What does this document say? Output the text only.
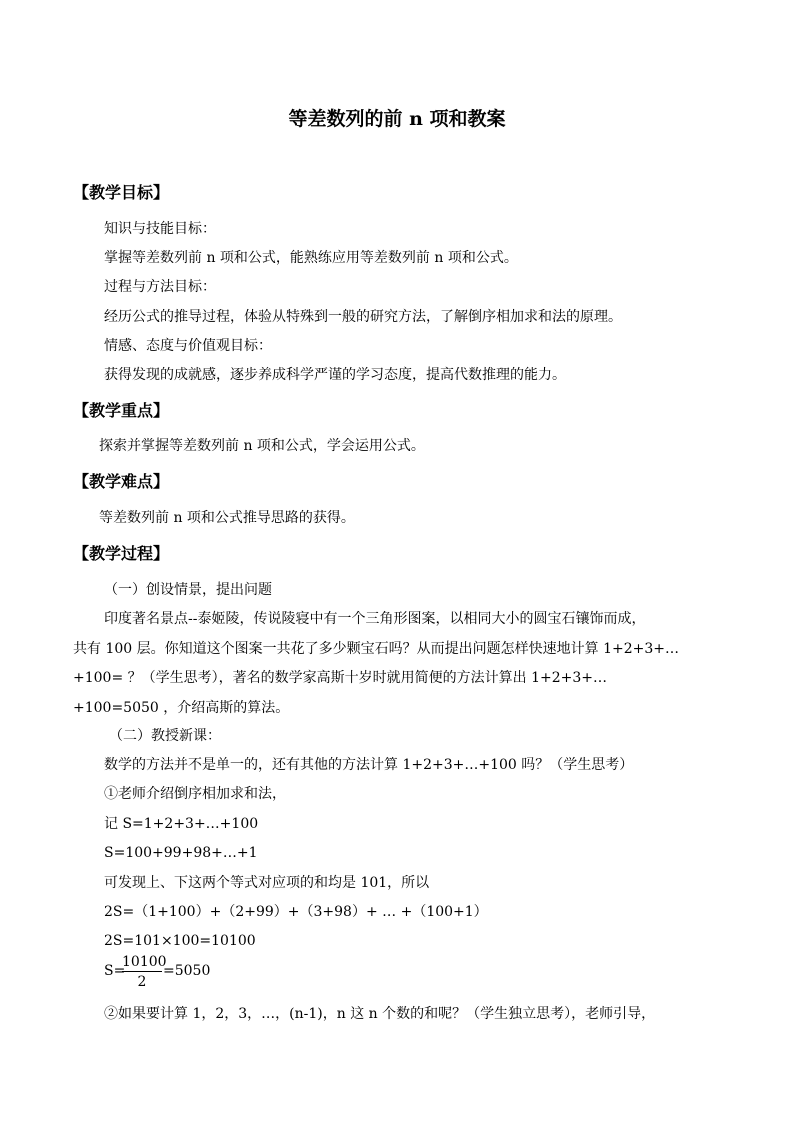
等差数列的前 n 项和教案
【教学目标】
知识与技能目标：
掌握等差数列前 n 项和公式，能熟练应用等差数列前 n 项和公式。
过程与方法目标：
经历公式的推导过程，体验从特殊到一般的研究方法，了解倒序相加求和法的原理。
情感、态度与价值观目标：
获得发现的成就感，逐步养成科学严谨的学习态度，提高代数推理的能力。
【教学重点】
探索并掌握等差数列前 n 项和公式，学会运用公式。
【教学难点】
等差数列前 n 项和公式推导思路的获得。
【教学过程】
（一）创设情景，提出问题
印度著名景点--泰姬陵，传说陵寝中有一个三角形图案，以相同大小的圆宝石镶饰而成，
共有 100 层。你知道这个图案一共花了多少颗宝石吗？从而提出问题怎样快速地计算 1+2+3+…
+100= ？（学生思考），著名的数学家高斯十岁时就用简便的方法计算出 1+2+3+…
+100=5050 ，介绍高斯的算法。
（二）教授新课：
数学的方法并不是单一的，还有其他的方法计算 1+2+3+…+100 吗？（学生思考）
①老师介绍倒序相加求和法，
记 S=1+2+3+…+100
S=100+99+98+…+1
可发现上、下这两个等式对应项的和均是 101，所以
2S=（1+100）+（2+99）+（3+98）+ … +（100+1）
2S=101×100=10100
S=
$\frac{10100}{2} =5050$
②如果要计算 1，2，3，…，(n-1)，n 这 n 个数的和呢？（学生独立思考），老师引导，
